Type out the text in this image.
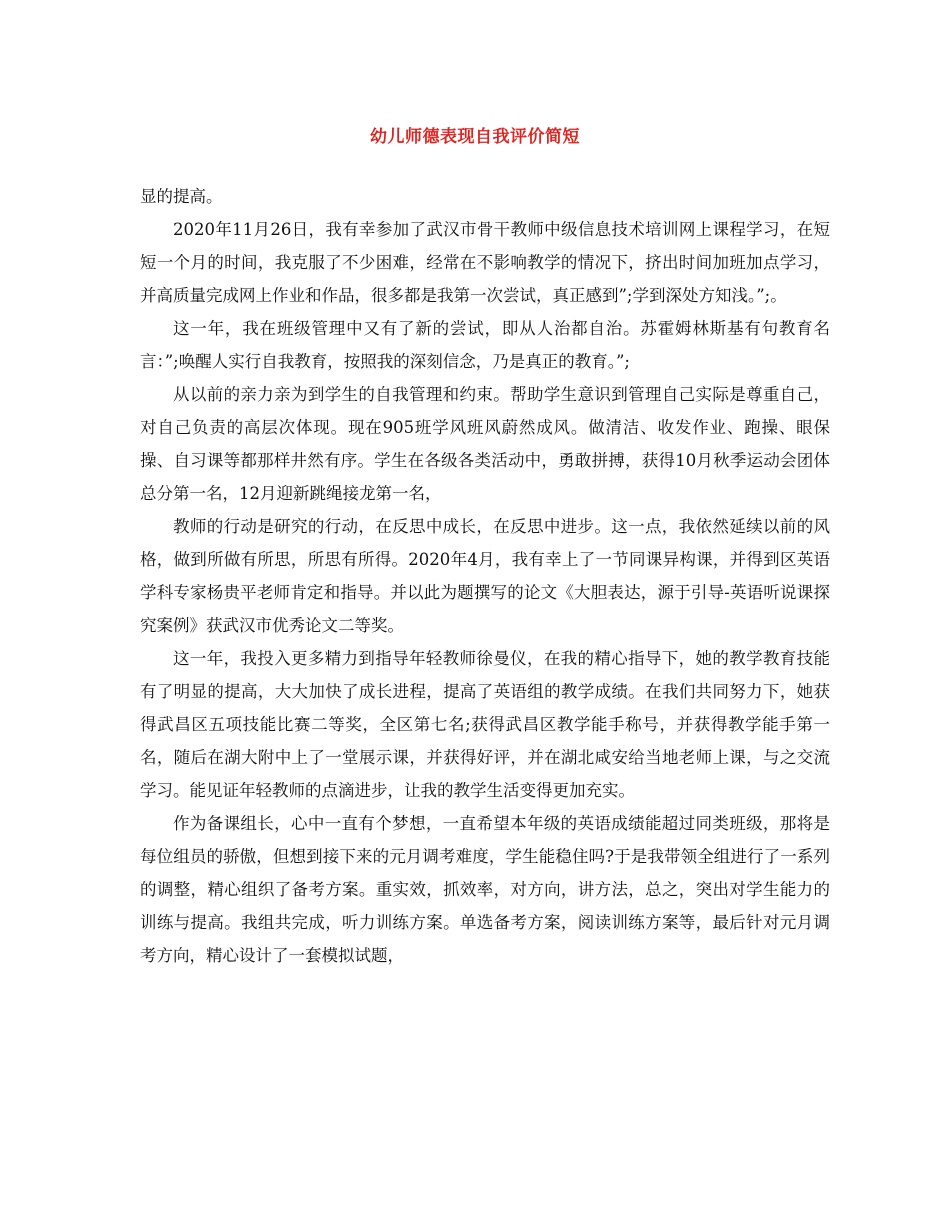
幼儿师德表现自我评价简短

显的提高。

2020年11月26日，我有幸参加了武汉市骨干教师中级信息技术培训网上课程学习，在短短一个月的时间，我克服了不少困难，经常在不影响教学的情况下，挤出时间加班加点学习，并高质量完成网上作业和作品，很多都是我第一次尝试，真正感到”;学到深处方知浅。”;。

这一年，我在班级管理中又有了新的尝试，即从人治都自治。苏霍姆林斯基有句教育名言：”;唤醒人实行自我教育，按照我的深刻信念，乃是真正的教育。”;

从以前的亲力亲为到学生的自我管理和约束。帮助学生意识到管理自己实际是尊重自己，对自己负责的高层次体现。现在905班学风班风蔚然成风。做清洁、收发作业、跑操、眼保操、自习课等都那样井然有序。学生在各级各类活动中，勇敢拼搏，获得10月秋季运动会团体总分第一名，12月迎新跳绳接龙第一名，

教师的行动是研究的行动，在反思中成长，在反思中进步。这一点，我依然延续以前的风格，做到所做有所思，所思有所得。2020年4月，我有幸上了一节同课异构课，并得到区英语学科专家杨贵平老师肯定和指导。并以此为题撰写的论文《大胆表达，源于引导-英语听说课探究案例》获武汉市优秀论文二等奖。

这一年，我投入更多精力到指导年轻教师徐曼仪，在我的精心指导下，她的教学教育技能有了明显的提高，大大加快了成长进程，提高了英语组的教学成绩。在我们共同努力下，她获得武昌区五项技能比赛二等奖，全区第七名;获得武昌区教学能手称号，并获得教学能手第一名，随后在湖大附中上了一堂展示课，并获得好评，并在湖北咸安给当地老师上课，与之交流学习。能见证年轻教师的点滴进步，让我的教学生活变得更加充实。

作为备课组长，心中一直有个梦想，一直希望本年级的英语成绩能超过同类班级，那将是每位组员的骄傲，但想到接下来的元月调考难度，学生能稳住吗?于是我带领全组进行了一系列的调整，精心组织了备考方案。重实效，抓效率，对方向，讲方法，总之，突出对学生能力的训练与提高。我组共完成，听力训练方案。单选备考方案，阅读训练方案等，最后针对元月调考方向，精心设计了一套模拟试题，
